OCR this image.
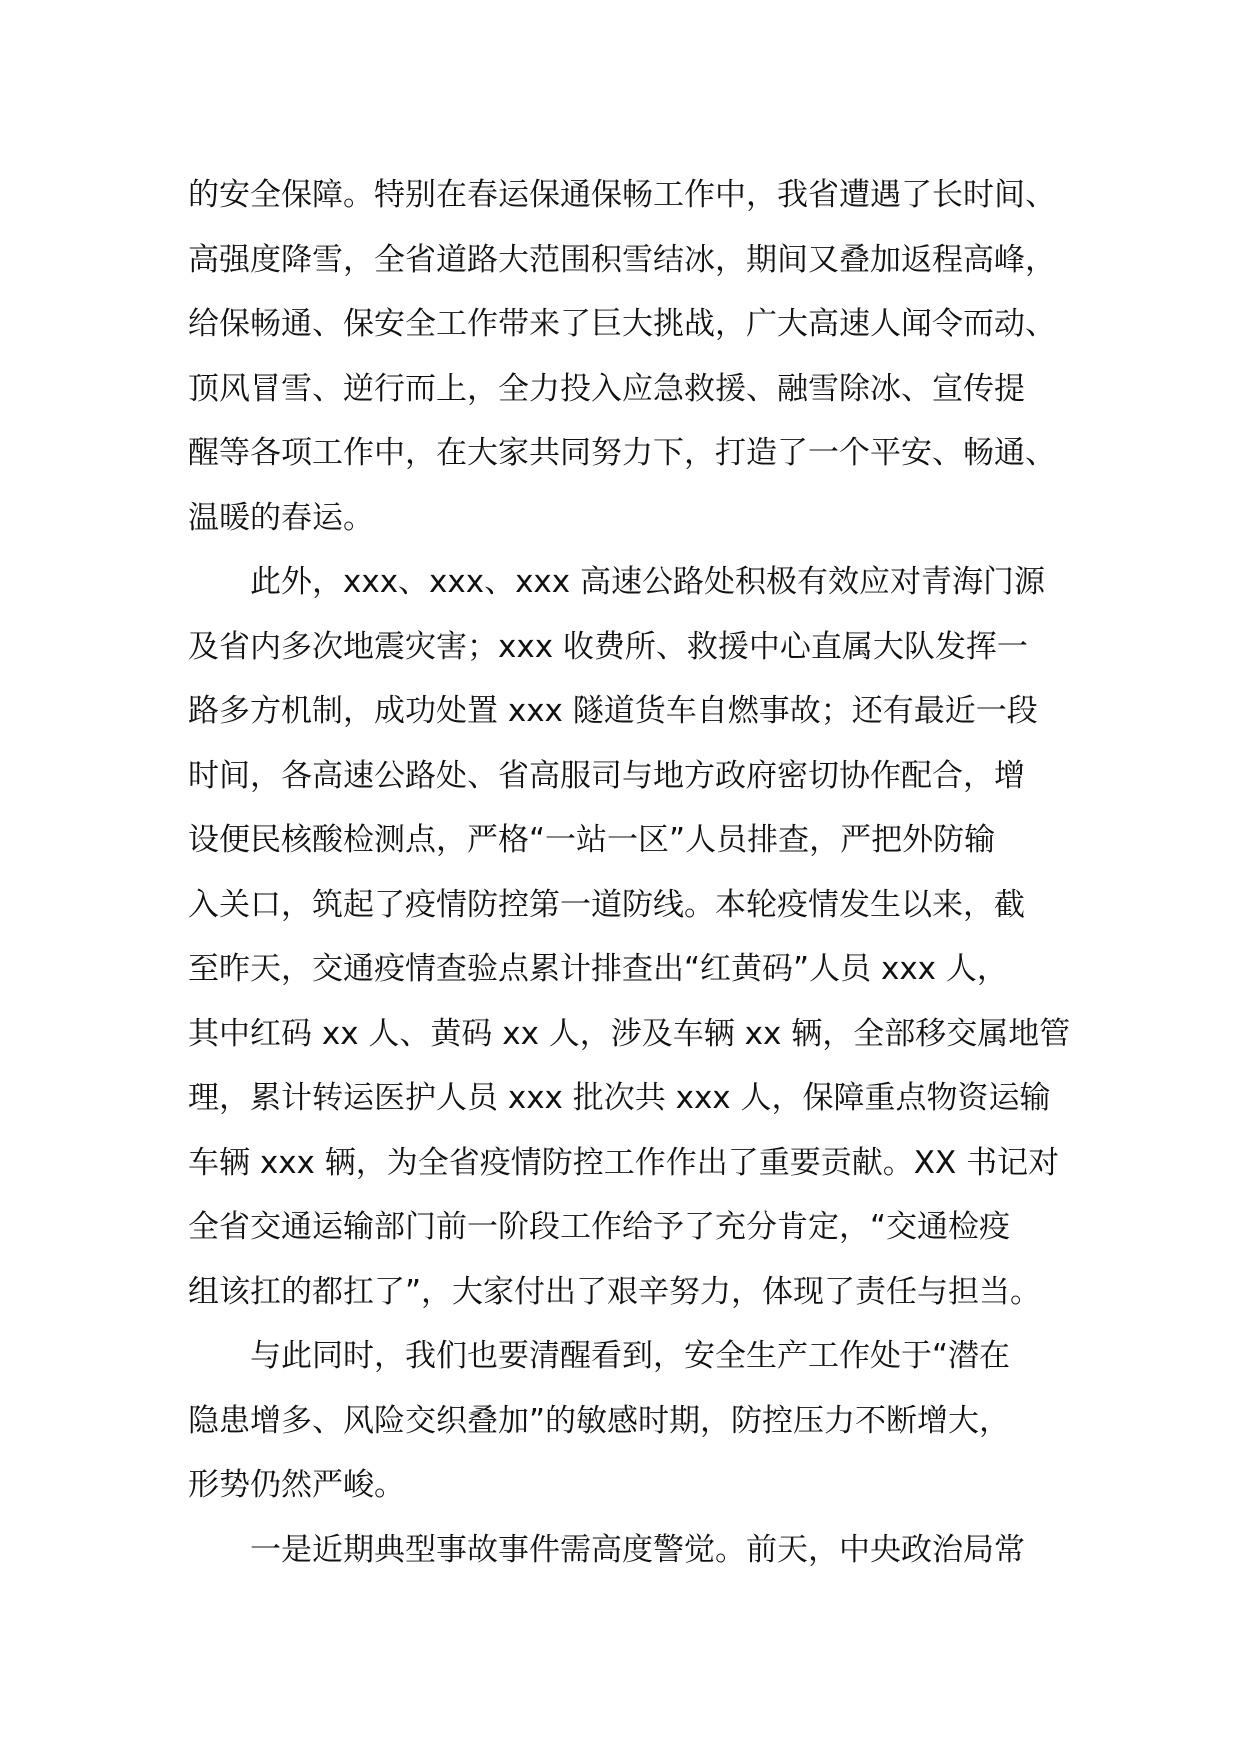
的安全保障。特别在春运保通保畅工作中，我省遭遇了长时间、
高强度降雪，全省道路大范围积雪结冰，期间又叠加返程高峰，
给保畅通、保安全工作带来了巨大挑战，广大高速人闻令而动、
顶风冒雪、逆行而上，全力投入应急救援、融雪除冰、宣传提
醒等各项工作中，在大家共同努力下，打造了一个平安、畅通、
温暖的春运。
此外，xxx、xxx、xxx 高速公路处积极有效应对青海门源
及省内多次地震灾害；xxx 收费所、救援中心直属大队发挥一
路多方机制，成功处置 xxx 隧道货车自燃事故；还有最近一段
时间，各高速公路处、省高服司与地方政府密切协作配合，增
设便民核酸检测点，严格“一站一区”人员排查，严把外防输
入关口，筑起了疫情防控第一道防线。本轮疫情发生以来，截
至昨天，交通疫情查验点累计排查出“红黄码”人员 xxx 人，
其中红码 xx 人、黄码 xx 人，涉及车辆 xx 辆，全部移交属地管
理，累计转运医护人员 xxx 批次共 xxx 人，保障重点物资运输
车辆 xxx 辆，为全省疫情防控工作作出了重要贡献。XX 书记对
全省交通运输部门前一阶段工作给予了充分肯定，“交通检疫
组该扛的都扛了”，大家付出了艰辛努力，体现了责任与担当。
与此同时，我们也要清醒看到，安全生产工作处于“潜在
隐患增多、风险交织叠加”的敏感时期，防控压力不断增大，
形势仍然严峻。
一是近期典型事故事件需高度警觉。前天，中央政治局常
